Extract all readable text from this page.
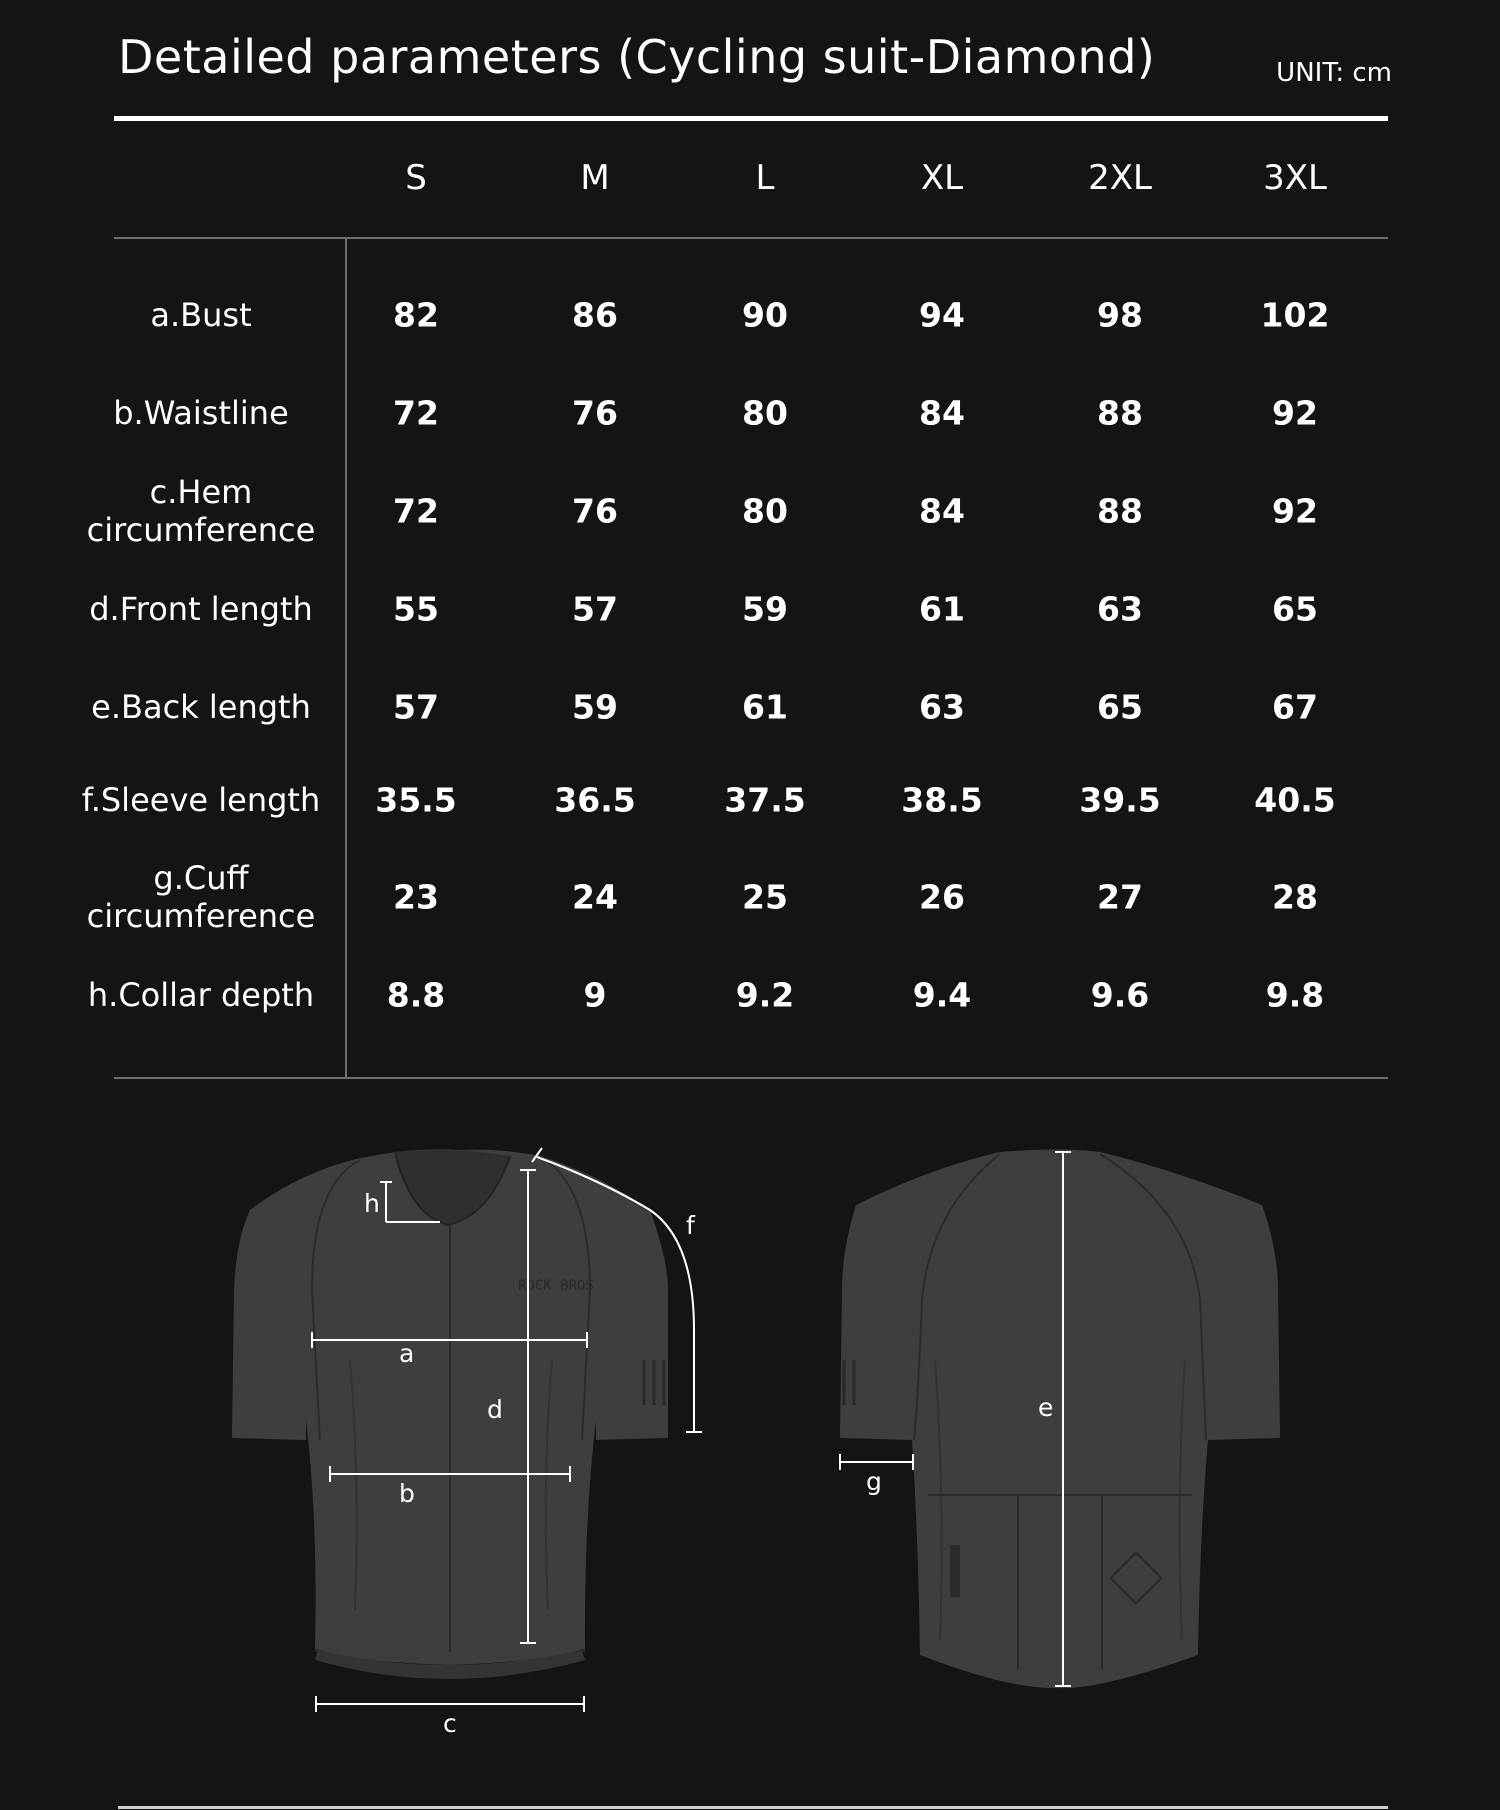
Detailed parameters (Cycling suit-Diamond)	UNIT: cm
S	M	L	XL	2XL	3XL
a.Bust	82	86	90	94	98	102
b.Waistline	72	76	80	84	88	92
c.Hem
circumference	72	76	80	84	88	92
d.Front length	55	57	59	61	63	65
e.Back length	57	59	61	63	65	67
f.Sleeve length	35.5	36.5	37.5	38.5	39.5	40.5
g.Cuff
circumference	23	24	25	26	27	28
h.Collar depth	8.8	9	9.2	9.4	9.6	9.8
ROCK BROS
h
a
d
b
c
f
e
g
